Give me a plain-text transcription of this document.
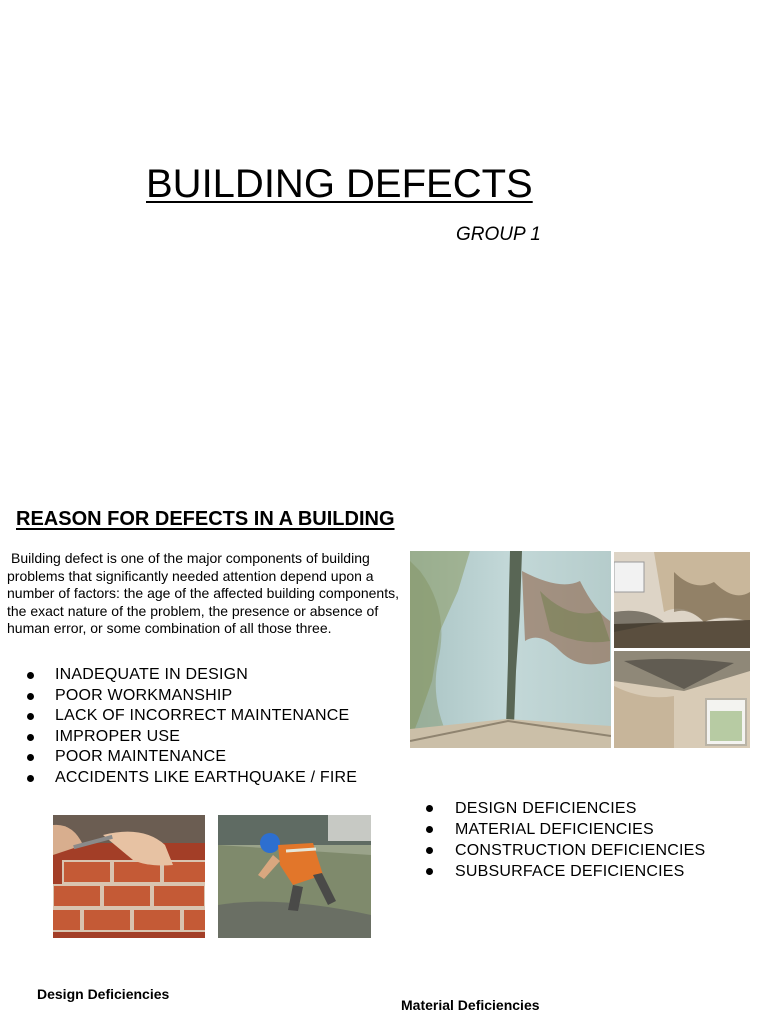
BUILDING DEFECTS
GROUP 1
REASON FOR DEFECTS IN A BUILDING
Building defect is one of the major components of building problems that significantly needed attention depend upon a number of factors: the age of the affected building components, the exact nature of the problem, the presence or absence of human error, or some combination of all those three.
INADEQUATE IN DESIGN
POOR WORKMANSHIP
LACK OF INCORRECT MAINTENANCE
IMPROPER USE
POOR MAINTENANCE
ACCIDENTS LIKE EARTHQUAKE / FIRE
DESIGN DEFICIENCIES
MATERIAL DEFICIENCIES
CONSTRUCTION DEFICIENCIES
SUBSURFACE DEFICIENCIES
Design Deficiencies
Material Deficiencies
